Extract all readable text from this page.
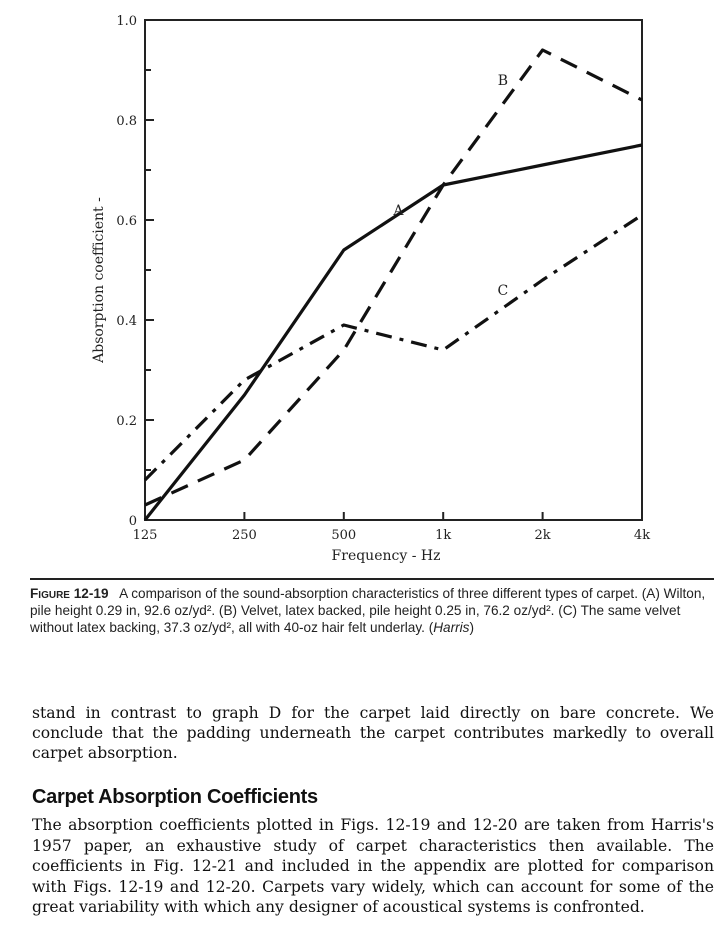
0
0.2
0.4
0.6
0.8
1.0
125	250	500	1k	2k	4k
A
B
C
Frequency - Hz
Absorption coefficient -
Figure 12-19 A comparison of the sound-absorption characteristics of three different types of carpet. (A) Wilton, pile height 0.29 in, 92.6 oz/yd². (B) Velvet, latex backed, pile height 0.25 in, 76.2 oz/yd². (C) The same velvet without latex backing, 37.3 oz/yd², all with 40-oz hair felt underlay. (Harris)

stand in contrast to graph D for the carpet laid directly on bare concrete. We conclude that the padding underneath the carpet contributes markedly to overall carpet absorption.

Carpet Absorption Coefficients

The absorption coefficients plotted in Figs. 12-19 and 12-20 are taken from Harris's 1957 paper, an exhaustive study of carpet characteristics then available. The coefficients in Fig. 12-21 and included in the appendix are plotted for comparison with Figs. 12-19 and 12-20. Carpets vary widely, which can account for some of the great variability with which any designer of acoustical systems is confronted.
